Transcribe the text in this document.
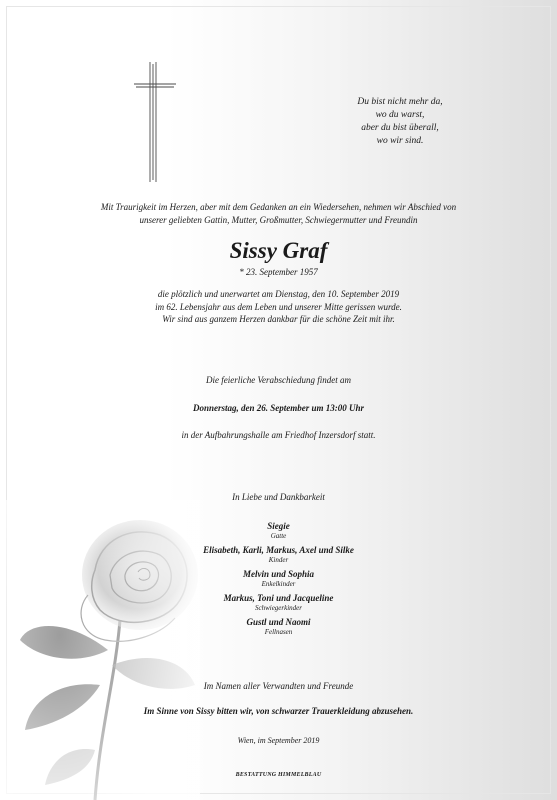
Du bist nicht mehr da,
wo du warst,
aber du bist überall,
wo wir sind.
Mit Traurigkeit im Herzen, aber mit dem Gedanken an ein Wiedersehen, nehmen wir Abschied von
unserer geliebten Gattin, Mutter, Großmutter, Schwiegermutter und Freundin
Sissy Graf
* 23. September 1957
die plötzlich und unerwartet am Dienstag, den 10. September 2019
im 62. Lebensjahr aus dem Leben und unserer Mitte gerissen wurde.
Wir sind aus ganzem Herzen dankbar für die schöne Zeit mit ihr.
Die feierliche Verabschiedung findet am
Donnerstag, den 26. September um 13:00 Uhr
in der Aufbahrungshalle am Friedhof Inzersdorf statt.
In Liebe und Dankbarkeit
Siegie
Gatte
Elisabeth, Karli, Markus, Axel und Silke
Kinder
Melvin und Sophia
Enkelkinder
Markus, Toni und Jacqueline
Schwiegerkinder
Gustl und Naomi
Fellnasen
Im Namen aller Verwandten und Freunde
Im Sinne von Sissy bitten wir, von schwarzer Trauerkleidung abzusehen.
Wien, im September 2019
BESTATTUNG HIMMELBLAU
